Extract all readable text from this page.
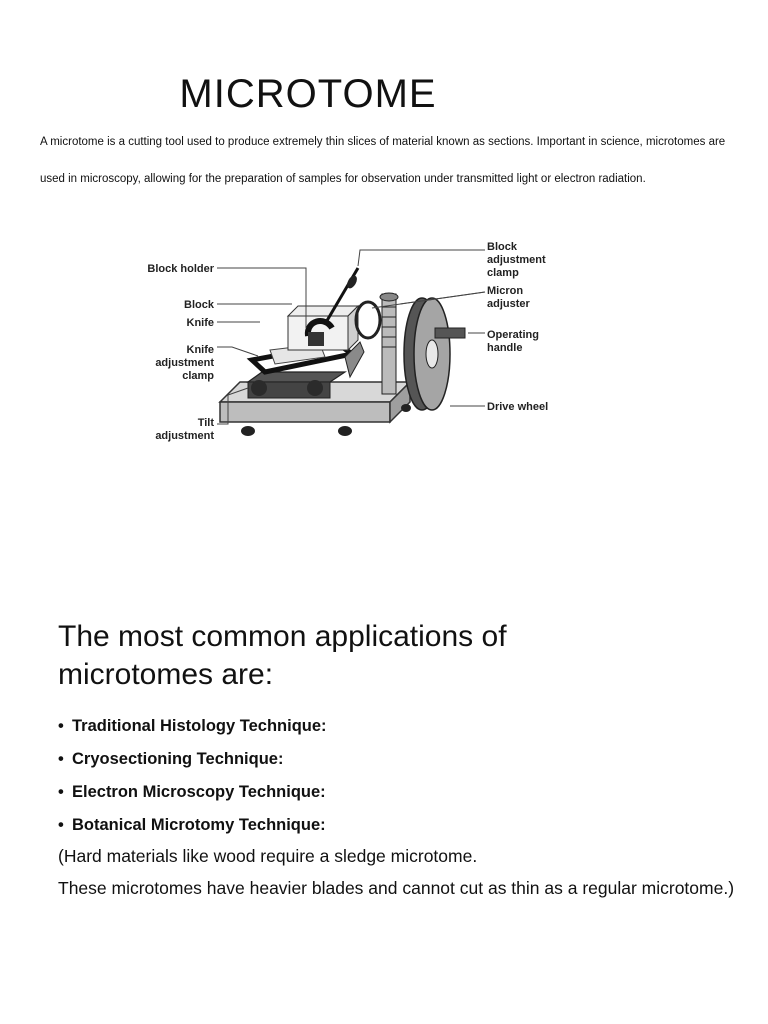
MICROTOME

A microtome is a cutting tool used to produce extremely thin slices of material known as sections. Important in science, microtomes are used in microscopy, allowing for the preparation of samples for observation under transmitted light or electron radiation.

Block holder
Block
Knife
Knife
adjustment
clamp
Tilt
adjustment
Block
adjustment
clamp
Micron
adjuster
Operating
handle
Drive wheel
The most common applications of microtomes are:
• Traditional Histology Technique:
• Cryosectioning Technique:
• Electron Microscopy Technique:
• Botanical Microtomy Technique:

(Hard materials like wood require a sledge microtome.

These microtomes have heavier blades and cannot cut as thin as a regular microtome.)
